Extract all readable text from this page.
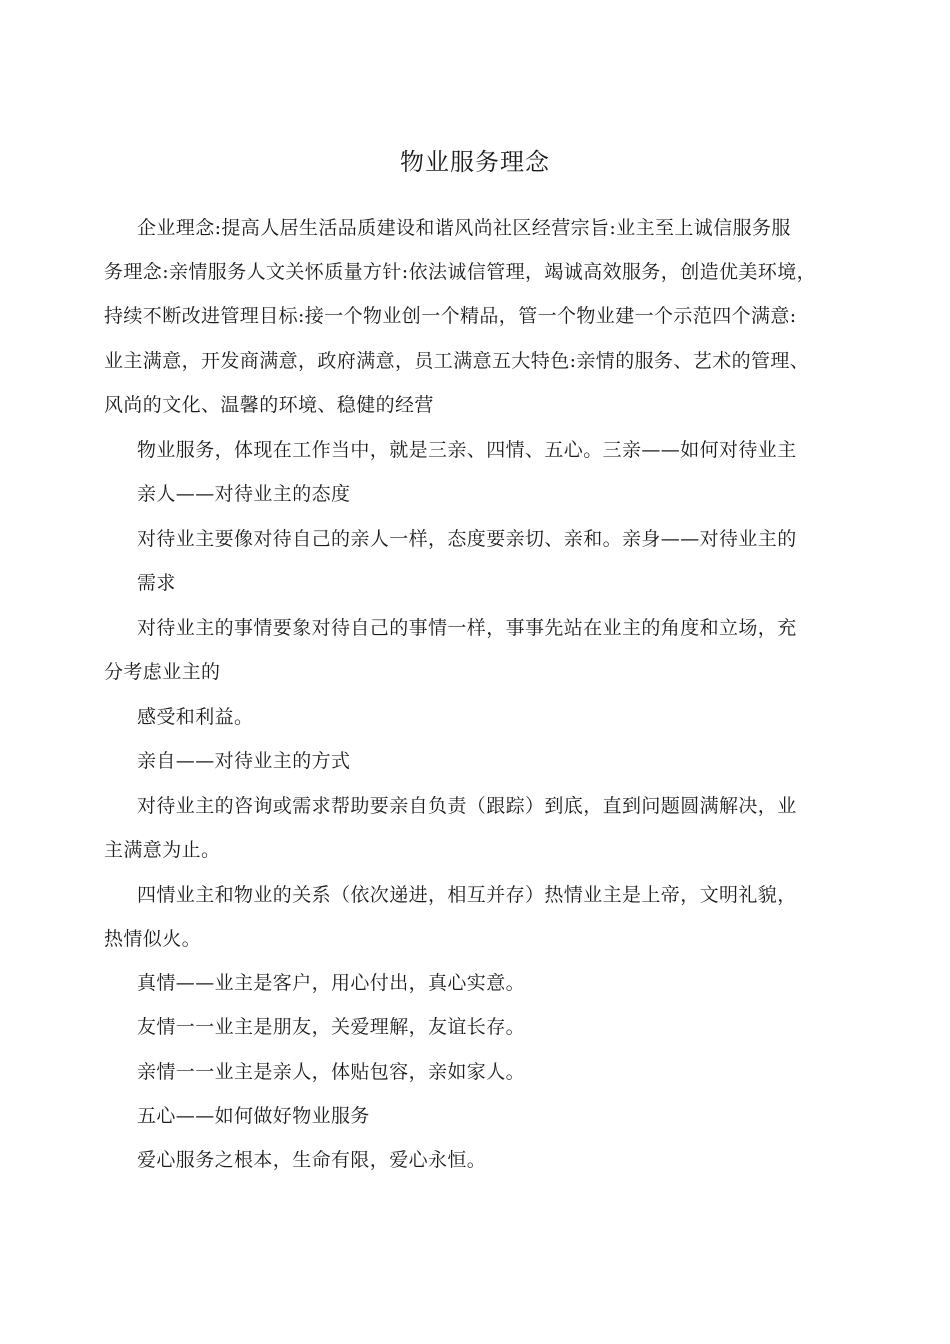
物业服务理念
企业理念:提高人居生活品质建设和谐风尚社区经营宗旨:业主至上诚信服务服
务理念:亲情服务人文关怀质量方针:依法诚信管理，竭诚高效服务，创造优美环境，
持续不断改进管理目标:接一个物业创一个精品，管一个物业建一个示范四个满意:
业主满意，开发商满意，政府满意，员工满意五大特色:亲情的服务、艺术的管理、
风尚的文化、温馨的环境、稳健的经营
物业服务，体现在工作当中，就是三亲、四情、五心。三亲——如何对待业主
亲人——对待业主的态度
对待业主要像对待自己的亲人一样，态度要亲切、亲和。亲身——对待业主的
需求
对待业主的事情要象对待自己的事情一样，事事先站在业主的角度和立场，充
分考虑业主的
感受和利益。
亲自——对待业主的方式
对待业主的咨询或需求帮助要亲自负责（跟踪）到底，直到问题圆满解决，业
主满意为止。
四情业主和物业的关系（依次递进，相互并存）热情业主是上帝，文明礼貌，
热情似火。
真情——业主是客户，用心付出，真心实意。
友情一一业主是朋友，关爱理解，友谊长存。
亲情一一业主是亲人，体贴包容，亲如家人。
五心——如何做好物业服务
爱心服务之根本，生命有限，爱心永恒。
